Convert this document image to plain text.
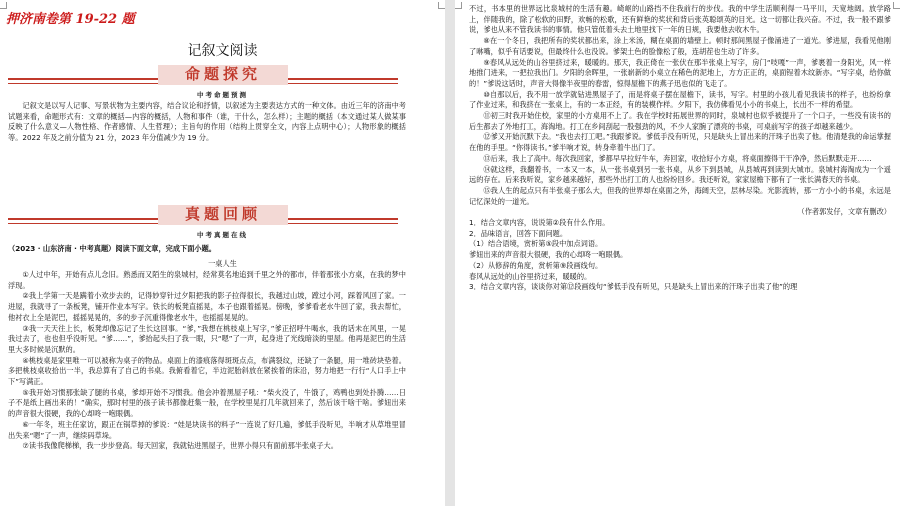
押济南卷第 19-22 题
记叙文阅读
命题探究
中考命题预测

记叙文是以写人记事、写景状物为主要内容，结合议论和抒情，以叙述为主要表达方式的一种文体。由近三年的济南中考试题来看，命题形式有：文章的概括—内容的概括，人物和事件（谁，干什么，怎么样）；主题的概括（本文通过某人做某事反映了什么意义—人物性格、作者感情、人生哲理）；主旨句的作用（结构上贯穿全文，内容上点明中心）；人物形象的概括等。2022 年及之前分值为 21 分，2023 年分值减少为 19 分。

真题回顾
中考真题在线
（2023 · 山东济南 · 中考真题）阅读下面文章，完成下面小题。
一桌人生

①人过中年，开始有点儿念旧。熟悉而又陌生的泉城村，经常莫名地追到千里之外的都市，伴着那张小方桌，在我的梦中浮现。

②我上学第一天是蹒着小欢步去的，记得妙穿针过夕阳把我的影子拉得很长，我越过山坡，蹚过小河，踩着风回了家。一进屋，我就寻了一条板凳，铺开作业本写字。铁长的板凳直摇晃，本子也跟着摇晃。傍晚，爹爹看老水牛回了家，我去帮忙，他衬衣上全是泥巴，摇摇晃晃的，多的步子沉重得像老水牛，也摇摇晃晃的。

③我一天天往上长，板凳却像忘记了生长这回事。“爹，”我想在桃枝桌上写字，”爹正招呼牛喝水，我的话未在风里，一晃我过去了，也也但乎没听见。“爹……”，爹抬起头扫了我一眼，只“嗯”了一声，起身进了光线暗淡的里屋。他再是泥巴的生活里大多时候是沉默的。

④桃枝桌是家里唯一可以被称为桌子的物品。桌面上的漆痕落得斑斑点点，布满裂纹，还缺了一条腿，用一堆砖块垫着。多把桃枝桌收拾出一半，我总算有了自己的书桌。我俯看着它，半边泥胎斜放在紧挨着的床沿，努力地把一行行“人口手上中下”写满正。

⑤我开始习惯那张缺了腿的书桌，爹却开始不习惯我。他会冲着黑屋子吼：“柴火没了，牛饿了，鸡鸭也到处扑腾……日子不是纸上画出来的！”确实，那时村里的孩子读书都像赶集一般，在学校里晃打几年就回来了，然后该干啥干啥。爹妞出来的声音很大很硬，我的心却咚一咆眼偶。

⑥一年冬，班主任家访，跟正在锅草掉的爹说：“娃是块读书的料子”一连说了好几遍，爹低手没听见，半响才从草堆里冒出失来“嗯”了一声，继续码草垛。

⑦读书我像爬梯梯，我一步步登高。每天回家，我就钻进黑屋子，世界小得只有面前那半张桌子大。

不过，书本里的世界远比泉城村的生活有趣。崎岖的山路挡不住我前行的步伐。我的中学生活顺利得一马平川，天宽地阔。放学路上，伴随我的，除了松软的田野，欢畅的松歌，还有鲜艳的奖状和背后张英聪颂英的目光。这一切都让我兴奋。不过，我一般不跟爹说，爹也从来不管我读书的事情。他只管低着头去土地里找下一年的日规，我要他去收木牛。

⑧在一个冬日，我把所有的奖状都出来，涂上米汤，糊在桌面的墙壁上。顿时那间黑屋子像涌进了一道光。爹进屋，我看见他刚了咻嘴，似乎有话要说，但最终什么也没说。爹架土色的脸像松了般，连胡茬也生动了许多。

⑨春风从远处的山谷里挤过来，暖暖的。那天，我正倚在一张伏在那半张桌上写字，房门“吱嘎”一声，爹裹着一身阳光，风一样地推门进来，一把拉我出门。夕阳的余晖里，一张崭新的小桌立在稀色的泥地上，方方正正的，桌面锃着木纹新亦。“写字桌，给你做的！”爹说这话时，声音大得像半夜里的春雷，惊得屋檐下的燕子迅也似的飞走了。

⑩自那以后，我不用一放学就钻进黑屋子了，而是将桌子摆在屋檐下，读书，写字。村里的小孩儿看见我读书的样子，也纷纷拿了作业过来，和我挤在一张桌上，有的一本正经，有的装模作样。夕阳下，我仿佛看见小小的书桌上，长出不一样的希望。

⑪初三时我开始住校，家里的小方桌用不上了。我在学校时拓展世界的同时，泉城村也似乎被提升了一个口子，一些没有读书的后生都去了外地打工，海淘地。打工在乡间刮起一股强劲的风，不少人家腕了漂亮的书桌，可桌前写字的孩子却越来越少。

⑫爹又开始沉默下去。“我也去打工吧。”我跟爹说。爹低手没有听见，只是缺头上冒出来的汗珠子出卖了他。他清楚我的命运掌握在他的手里。“你得读书。”爹半响才说，转身牵着牛出门了。

⑬后来，我上了高中。每次我回家，爹都早早拉好牛车，奔回家，收拾好小方桌，将桌面擦得干干净净，然后默默走开……

⑭就这样，我翻着书，一本又一本，从一张书桌到另一张书桌，从乡下到县城，从县城再到读到大城市。泉城村海淘成为一个遥远的存在。后来我听说，家乡越来越好，那些外出打工的人也纷纷回乡。我还听说，家家屋檐下都有了一张长满春天的书桌。

⑮我人生的起点只有半张桌子那么大，但我的世界却在桌面之外，海阔天空，层林尽染。光影流转，那一方小小的书桌，永远是记忆深处的一道光。

（作者郭发仔，文章有删改）

1．结合文章内容，说说第②段有什么作用。

2．品味语言，回答下面问题。

（1）结合语境，赏析第⑤段中加点词语。

爹妞出来的声音很大很硬，我的心却咚一咆眼偶。

（2）从修辞的角度，赏析第⑨段画线句。

春风从远处的山谷里挤过来，暖暖的。

3．结合文章内容，谈谈你对第⑫段画线句“爹低手没有听见，只是缺头上冒出来的汗珠子出卖了他”的理
